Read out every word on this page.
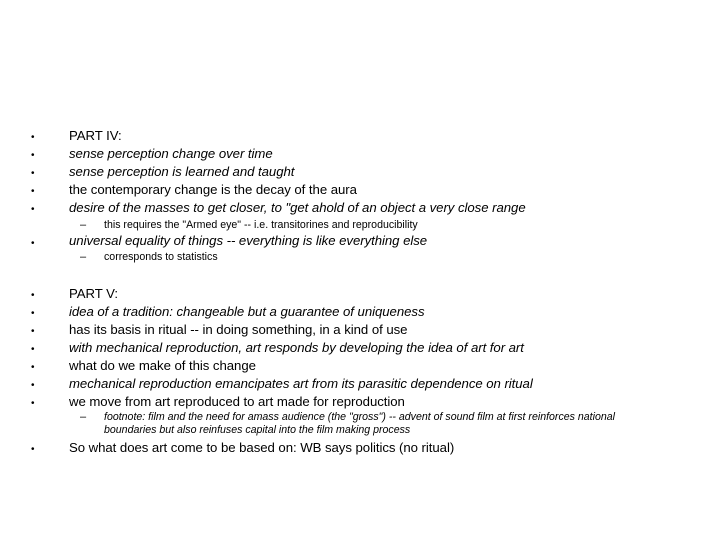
•	PART IV:
•	sense perception change over time
•	sense perception is learned and taught
•	the contemporary change is the decay of the aura
•	desire of the masses to get closer, to "get ahold of an object a very close range
– this requires the "Armed eye" -- i.e. transitorines and reproducibility
•	universal equality of things -- everything is like everything else
– corresponds to statistics
•	PART V:
•	idea of a tradition: changeable but a guarantee of uniqueness
•	has its basis in ritual -- in doing something, in a kind of use
•	with mechanical reproduction, art responds by developing the idea of art for art
•	what do we make of this change
•	mechanical reproduction emancipates art from its parasitic dependence on ritual
•	we move from art reproduced to art made for reproduction
– footnote: film and the need for amass audience (the "gross") -- advent of sound film at first reinforces national boundaries but also reinfuses capital into the film making process
•	So what does art come to be based on: WB says politics (no ritual)
